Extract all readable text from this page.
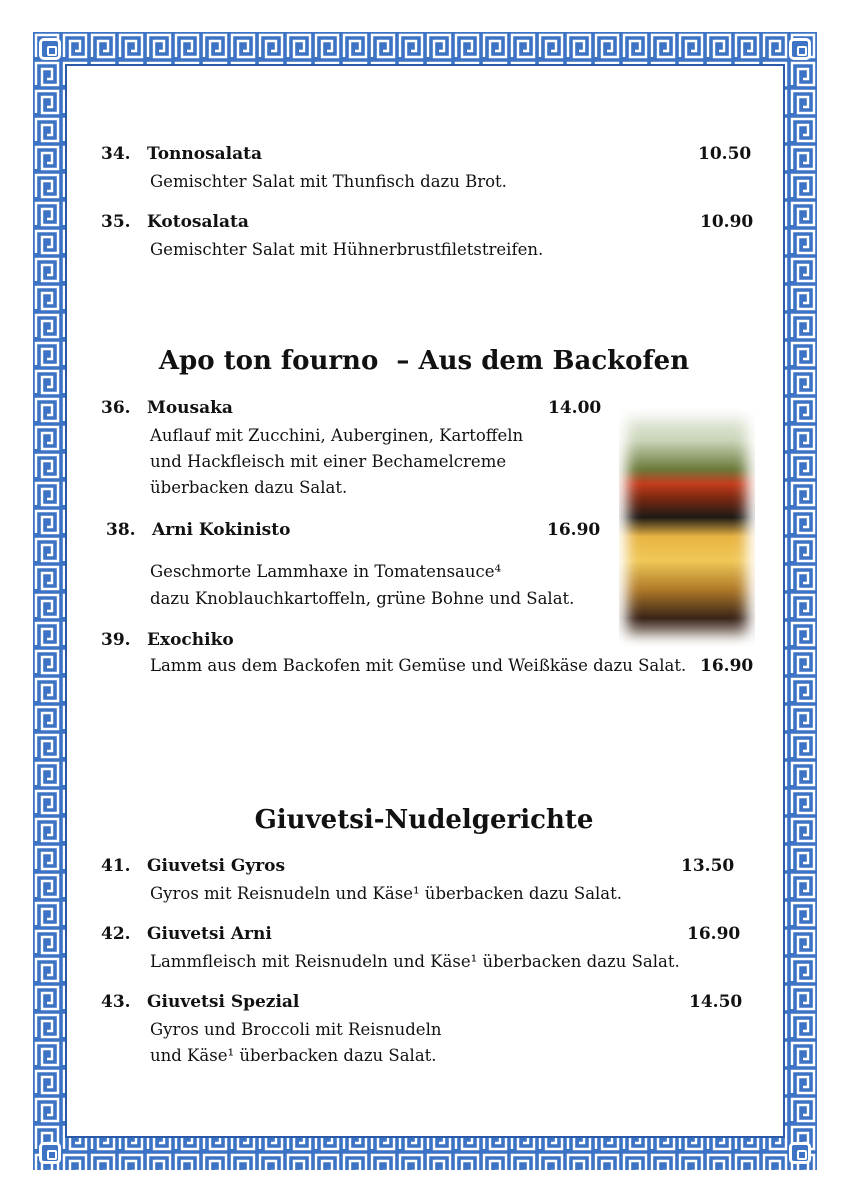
34. Tonnosalata	10.50
Gemischter Salat mit Thunfisch dazu Brot.
35. Kotosalata	10.90
Gemischter Salat mit Hühnerbrustfiletstreifen.
Apo ton fourno  – Aus dem Backofen
36. Mousaka	14.00
Auflauf mit Zucchini, Auberginen, Kartoffeln
und Hackfleisch mit einer Bechamelcreme
überbacken dazu Salat.
38. Arni Kokinisto	16.90
Geschmorte Lammhaxe in Tomatensauce⁴
dazu Knoblauchkartoffeln, grüne Bohne und Salat.
39. Exochiko
Lamm aus dem Backofen mit Gemüse und Weißkäse dazu Salat. 16.90
Giuvetsi-Nudelgerichte
41. Giuvetsi Gyros	13.50
Gyros mit Reisnudeln und Käse¹ überbacken dazu Salat.
42. Giuvetsi Arni	16.90
Lammfleisch mit Reisnudeln und Käse¹ überbacken dazu Salat.
43. Giuvetsi Spezial	14.50
Gyros und Broccoli mit Reisnudeln
und Käse¹ überbacken dazu Salat.
